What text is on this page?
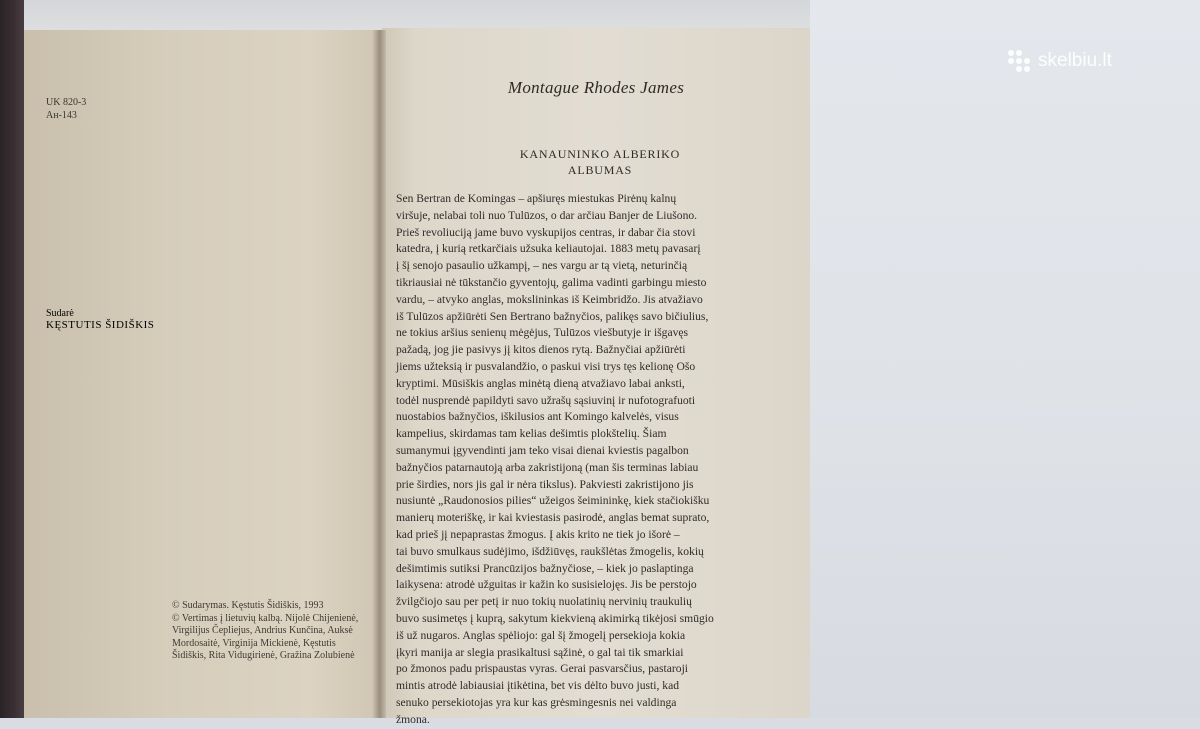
UK 820-3
Ан-143
Sudarė
KĘSTUTIS ŠIDIŠKIS
© Sudarymas. Kęstutis Šidiškis, 1993
© Vertimas į lietuvių kalbą. Nijolė Chijenienė,
Virgilijus Čepliejus, Andrius Kunčina, Auksė
Mordosaitė, Virginija Mickienė, Kęstutis
Šidiškis, Rita Vidugirienė, Gražina Zolubienė
Montague Rhodes James
KANAUNINKO ALBERIKO
ALBUMAS
Sen Bertran de Komingas – apšiuręs miestukas Pirėnų kalnų
viršuje, nelabai toli nuo Tulūzos, o dar arčiau Banjer de Liušono.
Prieš revoliuciją jame buvo vyskupijos centras, ir dabar čia stovi
katedra, į kurią retkarčiais užsuka keliautojai. 1883 metų pavasarį
į šį senojo pasaulio užkampį, – nes vargu ar tą vietą, neturinčią
tikriausiai nė tūkstančio gyventojų, galima vadinti garbingu miesto
vardu, – atvyko anglas, mokslininkas iš Keimbridžo. Jis atvažiavo
iš Tulūzos apžiūrėti Sen Bertrano bažnyčios, palikęs savo bičiulius,
ne tokius aršius senienų mėgėjus, Tulūzos viešbutyje ir išgavęs
pažadą, jog jie pasivys jį kitos dienos rytą. Bažnyčiai apžiūrėti
jiems užteksią ir pusvalandžio, o paskui visi trys tęs kelionę Ošo
kryptimi. Mūsiškis anglas minėtą dieną atvažiavo labai anksti,
todėl nusprendė papildyti savo užrašų sąsiuvinį ir nufotografuoti
nuostabios bažnyčios, iškilusios ant Komingo kalvelės, visus
kampelius, skirdamas tam kelias dešimtis plokštelių. Šiam
sumanymui įgyvendinti jam teko visai dienai kviestis pagalbon
bažnyčios patarnautoją arba zakristijoną (man šis terminas labiau
prie širdies, nors jis gal ir nėra tikslus). Pakviesti zakristijono jis
nusiuntė „Raudonosios pilies“ užeigos šeimininkę, kiek stačiokišku
manierų moteriškę, ir kai kviestasis pasirodė, anglas bemat suprato,
kad prieš jį nepaprastas žmogus. Į akis krito ne tiek jo išorė –
tai buvo smulkaus sudėjimo, išdžiūvęs, raukšlėtas žmogelis, kokių
dešimtimis sutiksi Prancūzijos bažnyčiose, – kiek jo paslaptinga
laikysena: atrodė užguitas ir kažin ko susisielojęs. Jis be perstojo
žvilgčiojo sau per petį ir nuo tokių nuolatinių nervinių traukulių
buvo susimetęs į kuprą, sakytum kiekvieną akimirką tikėjosi smūgio
iš už nugaros. Anglas spėliojo: gal šį žmogelį persekioja kokia
įkyri manija ar slegia prasikaltusi sąžinė, o gal tai tik smarkiai
po žmonos padu prispaustas vyras. Gerai pasvarsčius, pastaroji
mintis atrodė labiausiai įtikėtina, bet vis dėlto buvo justi, kad
senuko persekiotojas yra kur kas grėsmingesnis nei valdinga
žmona.
skelbiu.lt
